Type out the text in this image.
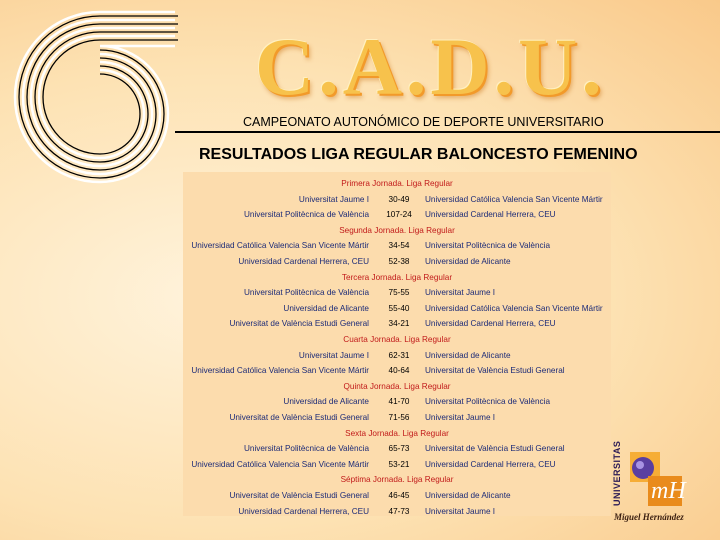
C.A.D.U.
CAMPEONATO AUTONÓMICO DE DEPORTE UNIVERSITARIO
RESULTADOS LIGA REGULAR BALONCESTO FEMENINO
Primera Jornada. Liga Regular
Universitat Jaume I	30-49	Universidad Católica Valencia San Vicente Mártir
Universitat Politècnica de València	107-24	Universidad Cardenal Herrera, CEU
Segunda Jornada. Liga Regular
Universidad Católica Valencia San Vicente Mártir	34-54	Universitat Politècnica de València
Universidad Cardenal Herrera, CEU	52-38	Universidad de Alicante
Tercera Jornada. Liga Regular
Universitat Politècnica de València	75-55	Universitat Jaume I
Universidad de Alicante	55-40	Universidad Católica Valencia San Vicente Mártir
Universitat de València Estudi General	34-21	Universidad Cardenal Herrera, CEU
Cuarta Jornada. Liga Regular
Universitat Jaume I	62-31	Universidad de Alicante
Universidad Católica Valencia San Vicente Mártir	40-64	Universitat de València Estudi General
Quinta Jornada. Liga Regular
Universidad de Alicante	41-70	Universitat Politècnica de València
Universitat de València Estudi General	71-56	Universitat Jaume I
Sexta Jornada. Liga Regular
Universitat Politècnica de València	65-73	Universitat de València Estudi General
Universidad Católica Valencia San Vicente Mártir	53-21	Universidad Cardenal Herrera, CEU
Séptima Jornada. Liga Regular
Universitat de València Estudi General	46-45	Universidad de Alicante
Universidad Cardenal Herrera, CEU	47-73	Universitat Jaume I
mH
UNIVERSITAS
Miguel Hernández
